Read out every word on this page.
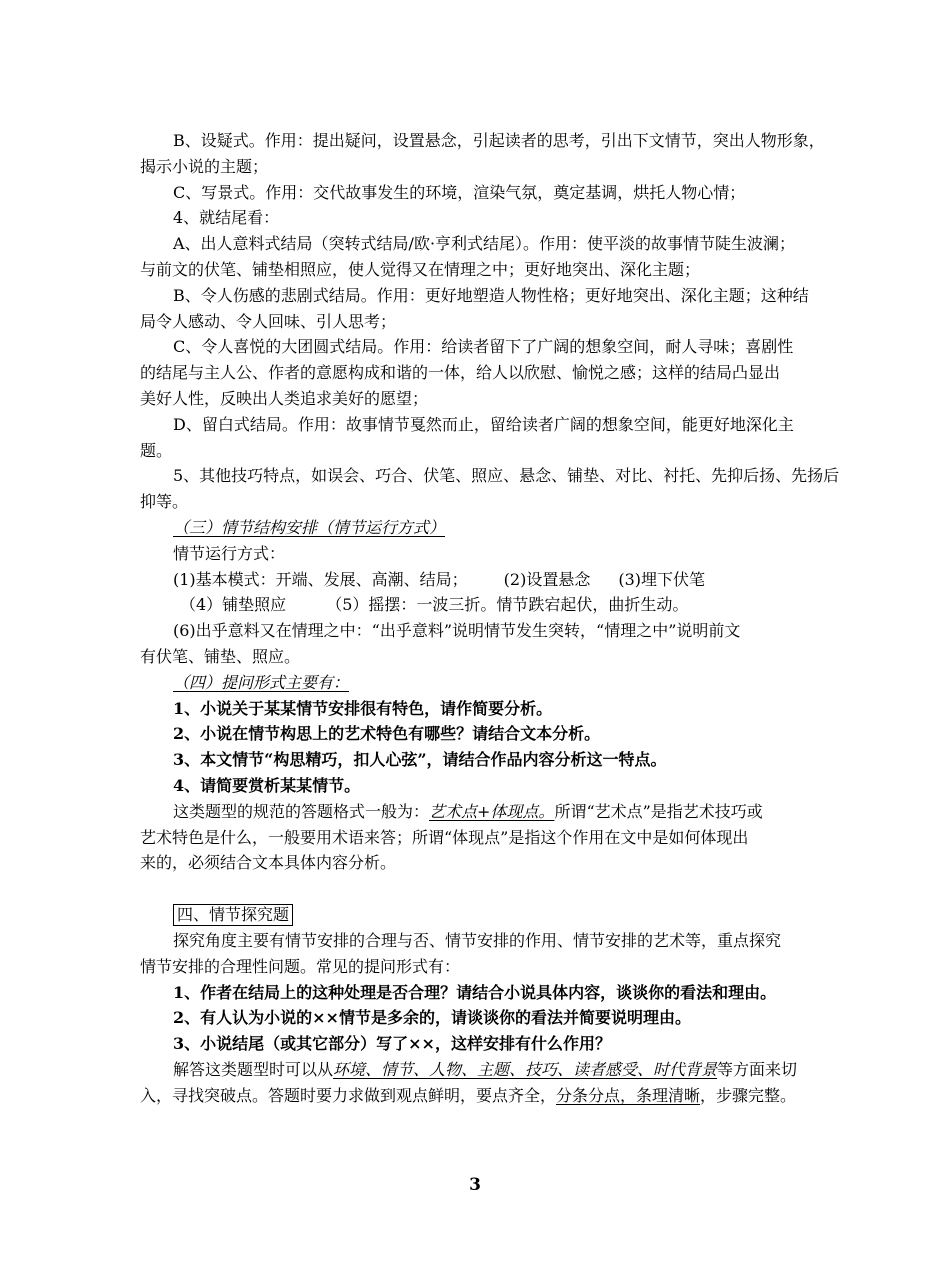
B、设疑式。作用：提出疑问，设置悬念，引起读者的思考，引出下文情节，突出人物形象，
揭示小说的主题；
C、写景式。作用：交代故事发生的环境，渲染气氛，奠定基调，烘托人物心情；
4、就结尾看：
A、出人意料式结局（突转式结局/欧·亨利式结尾）。作用：使平淡的故事情节陡生波澜；
与前文的伏笔、铺垫相照应，使人觉得又在情理之中；更好地突出、深化主题；
B、令人伤感的悲剧式结局。作用：更好地塑造人物性格；更好地突出、深化主题；这种结
局令人感动、令人回味、引人思考；
C、令人喜悦的大团圆式结局。作用：给读者留下了广阔的想象空间，耐人寻味；喜剧性
的结尾与主人公、作者的意愿构成和谐的一体，给人以欣慰、愉悦之感；这样的结局凸显出
美好人性，反映出人类追求美好的愿望；
D、留白式结局。作用：故事情节戛然而止，留给读者广阔的想象空间，能更好地深化主
题。
5、其他技巧特点，如误会、巧合、伏笔、照应、悬念、铺垫、对比、衬托、先抑后扬、先扬后
抑等。
（三）情节结构安排（情节运行方式）
情节运行方式：
(1)基本模式：开端、发展、高潮、结局； (2)设置悬念 (3)埋下伏笔
（4）铺垫照应	（5）摇摆：一波三折。情节跌宕起伏，曲折生动。
(6)出乎意料又在情理之中：“出乎意料”说明情节发生突转，“情理之中”说明前文
有伏笔、铺垫、照应。
（四）提问形式主要有：
1、小说关于某某情节安排很有特色，请作简要分析。
2、小说在情节构思上的艺术特色有哪些？请结合文本分析。
3、本文情节“构思精巧，扣人心弦”，请结合作品内容分析这一特点。
4、请简要赏析某某情节。
这类题型的规范的答题格式一般为：艺术点+体现点。所谓“艺术点”是指艺术技巧或
艺术特色是什么，一般要用术语来答；所谓“体现点”是指这个作用在文中是如何体现出
来的，必须结合文本具体内容分析。
四、情节探究题
探究角度主要有情节安排的合理与否、情节安排的作用、情节安排的艺术等，重点探究
情节安排的合理性问题。常见的提问形式有：
1、作者在结局上的这种处理是否合理？请结合小说具体内容，谈谈你的看法和理由。
2、有人认为小说的××情节是多余的，请谈谈你的看法并简要说明理由。
3、小说结尾（或其它部分）写了××，这样安排有什么作用？
解答这类题型时可以从环境、情节、人物、主题、技巧、读者感受、时代背景等方面来切
入，寻找突破点。答题时要力求做到观点鲜明，要点齐全，分条分点，条理清晰，步骤完整。
3
